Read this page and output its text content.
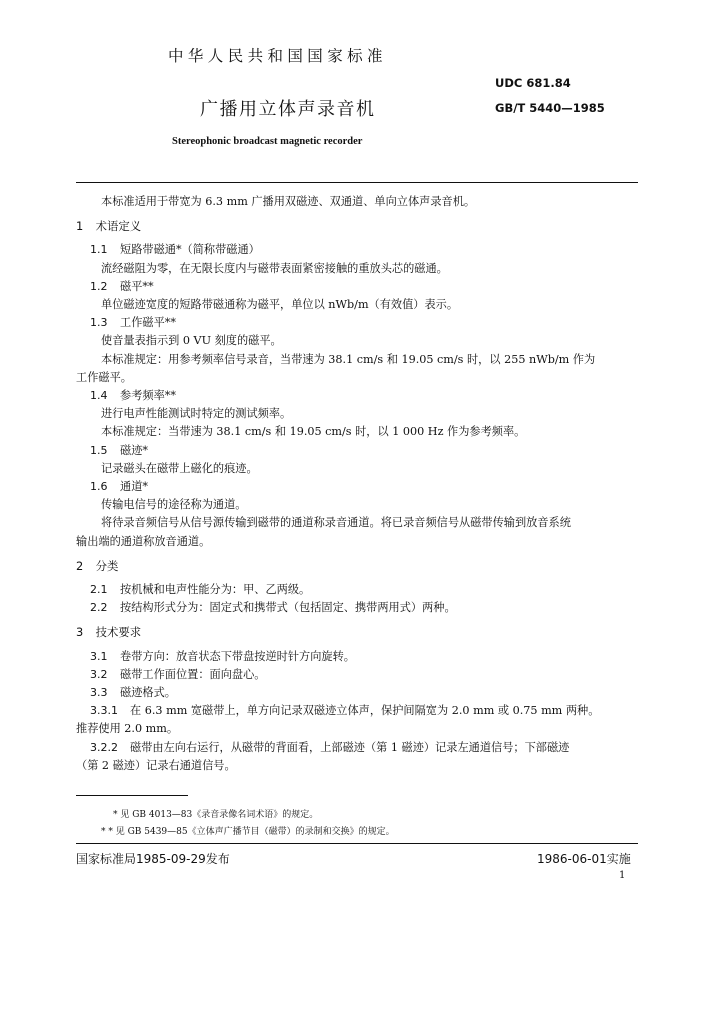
中华人民共和国国家标准
UDC 681.84
广播用立体声录音机	GB/T 5440—1985
Stereophonic broadcast magnetic recorder

本标准适用于带宽为 6.3 mm 广播用双磁迹、双通道、单向立体声录音机。

1 术语定义

1.1 短路带磁通*（简称带磁通）

流经磁阻为零，在无限长度内与磁带表面紧密接触的重放头芯的磁通。

1.2 磁平**

单位磁迹宽度的短路带磁通称为磁平，单位以 nWb/m（有效值）表示。

1.3 工作磁平**

使音量表指示到 0 VU 刻度的磁平。

本标准规定：用参考频率信号录音，当带速为 38.1 cm/s 和 19.05 cm/s 时，以 255 nWb/m 作为

工作磁平。

1.4 参考频率**

进行电声性能测试时特定的测试频率。

本标准规定：当带速为 38.1 cm/s 和 19.05 cm/s 时，以 1 000 Hz 作为参考频率。

1.5 磁迹*

记录磁头在磁带上磁化的痕迹。

1.6 通道*

传输电信号的途径称为通道。

将待录音频信号从信号源传输到磁带的通道称录音通道。将已录音频信号从磁带传输到放音系统

输出端的通道称放音通道。

2 分类

2.1 按机械和电声性能分为：甲、乙两级。

2.2 按结构形式分为：固定式和携带式（包括固定、携带两用式）两种。

3 技术要求

3.1 卷带方向：放音状态下带盘按逆时针方向旋转。

3.2 磁带工作面位置：面向盘心。

3.3 磁迹格式。

3.3.1 在 6.3 mm 宽磁带上，单方向记录双磁迹立体声，保护间隔宽为 2.0 mm 或 0.75 mm 两种。

推荐使用 2.0 mm。

3.2.2 磁带由左向右运行，从磁带的背面看，上部磁迹（第 1 磁迹）记录左通道信号；下部磁迹

（第 2 磁迹）记录右通道信号。

* 见 GB 4013—83《录音录像名词术语》的规定。
* * 见 GB 5439—85《立体声广播节目（磁带）的录制和交换》的规定。
国家标准局1985-09-29发布	1986-06-01实施
1
